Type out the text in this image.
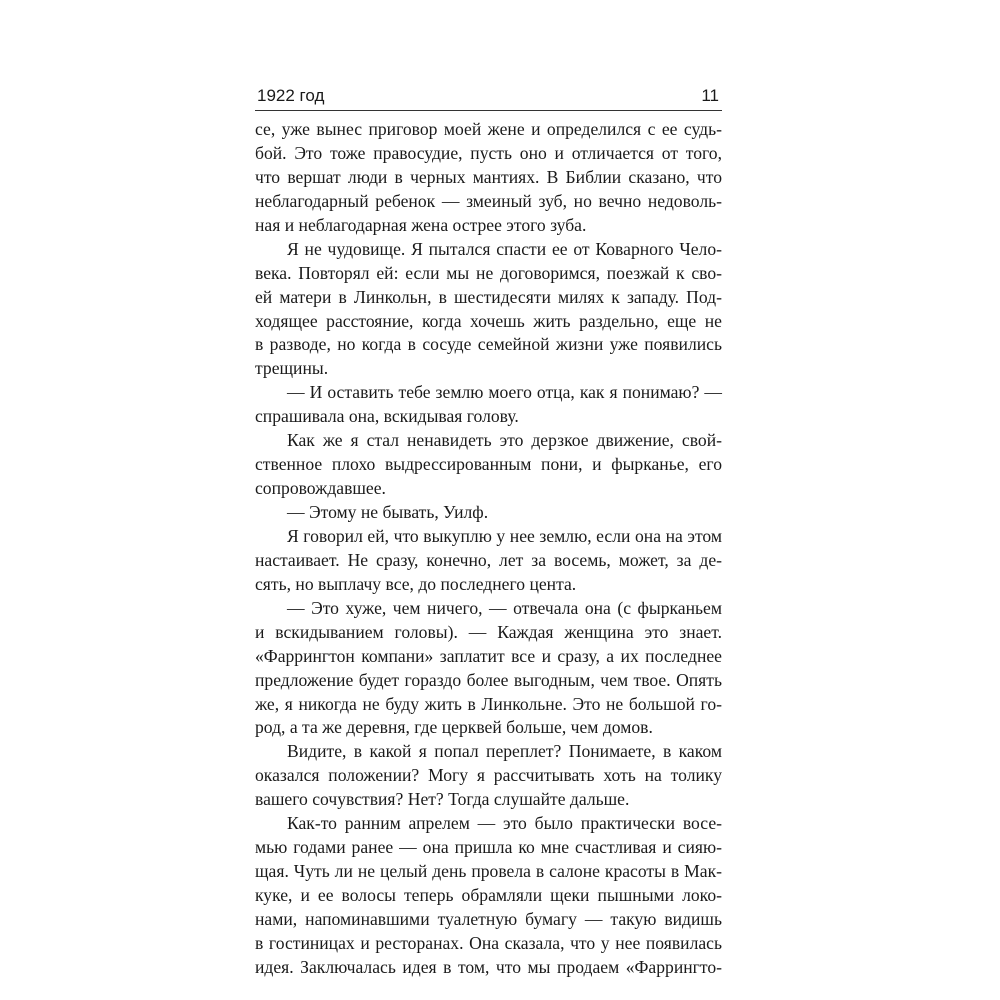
1922 год	11
се, уже вынес приговор моей жене и определился с ее судь-
бой. Это тоже правосудие, пусть оно и отличается от того,
что вершат люди в черных мантиях. В Библии сказано, что
неблагодарный ребенок — змеиный зуб, но вечно недоволь-
ная и неблагодарная жена острее этого зуба.
Я не чудовище. Я пытался спасти ее от Коварного Чело-
века. Повторял ей: если мы не договоримся, поезжай к сво-
ей матери в Линкольн, в шестидесяти милях к западу. Под-
ходящее расстояние, когда хочешь жить раздельно, еще не
в разводе, но когда в сосуде семейной жизни уже появились
трещины.
— И оставить тебе землю моего отца, как я понимаю? —
спрашивала она, вскидывая голову.
Как же я стал ненавидеть это дерзкое движение, свой-
ственное плохо выдрессированным пони, и фырканье, его
сопровождавшее.
— Этому не бывать, Уилф.
Я говорил ей, что выкуплю у нее землю, если она на этом
настаивает. Не сразу, конечно, лет за восемь, может, за де-
сять, но выплачу все, до последнего цента.
— Это хуже, чем ничего, — отвечала она (с фырканьем
и вскидыванием головы). — Каждая женщина это знает.
«Фаррингтон компани» заплатит все и сразу, а их последнее
предложение будет гораздо более выгодным, чем твое. Опять
же, я никогда не буду жить в Линкольне. Это не большой го-
род, а та же деревня, где церквей больше, чем домов.
Видите, в какой я попал переплет? Понимаете, в каком
оказался положении? Могу я рассчитывать хоть на толику
вашего сочувствия? Нет? Тогда слушайте дальше.
Как-то ранним апрелем — это было практически восе-
мью годами ранее — она пришла ко мне счастливая и сияю-
щая. Чуть ли не целый день провела в салоне красоты в Мак-
куке, и ее волосы теперь обрамляли щеки пышными локо-
нами, напоминавшими туалетную бумагу — такую видишь
в гостиницах и ресторанах. Она сказала, что у нее появилась
идея. Заключалась идея в том, что мы продаем «Фаррингто-
